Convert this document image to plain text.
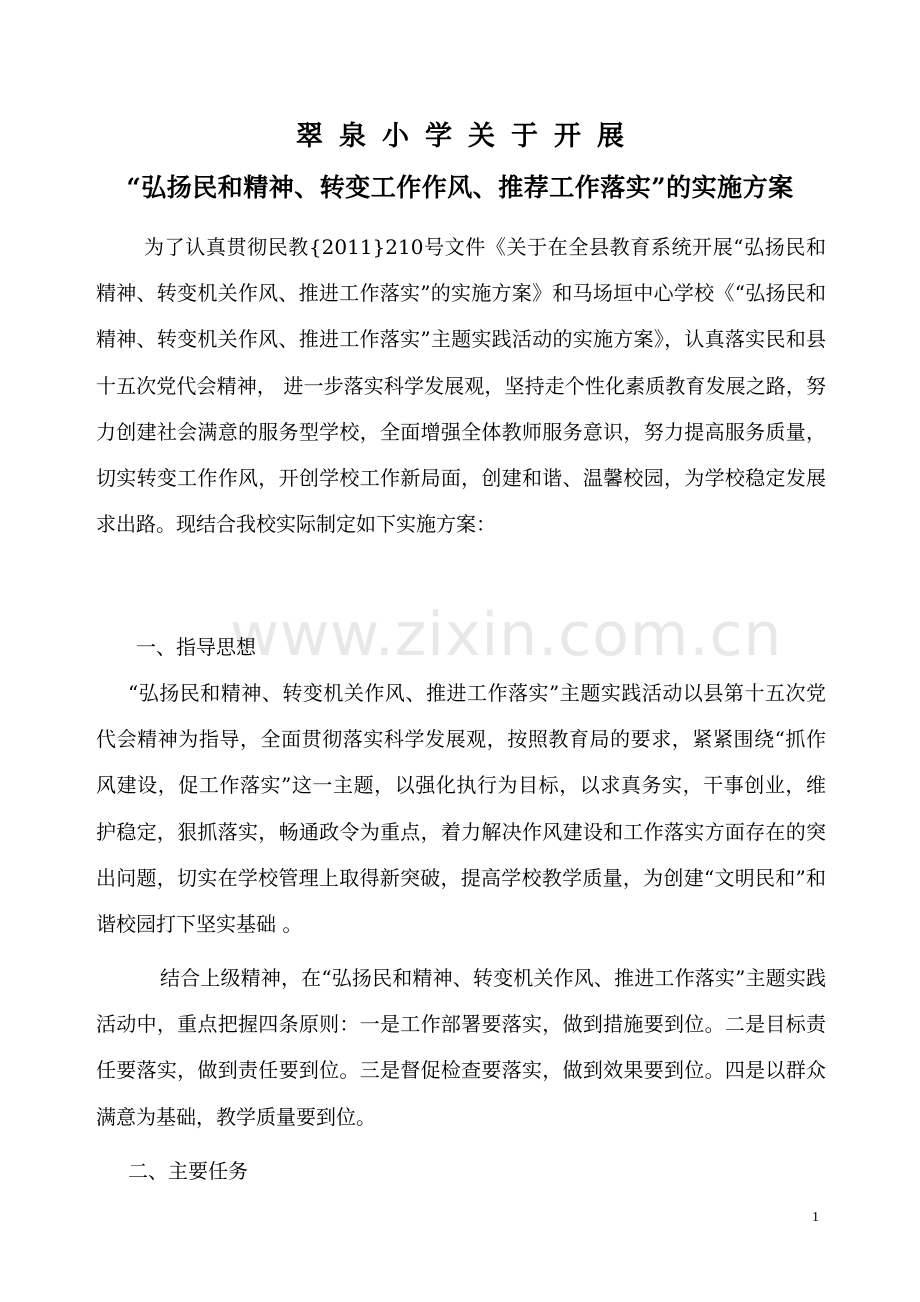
翠泉小学关于开展
“弘扬民和精神、转变工作作风、推荐工作落实”的实施方案

为了认真贯彻民教{2011}210号文件《关于在全县教育系统开展“弘扬民和精神、转变机关作风、推进工作落实”的实施方案》和马场垣中心学校《“弘扬民和精神、转变机关作风、推进工作落实”主题实践活动的实施方案》，认真落实民和县十五次党代会精神， 进一步落实科学发展观，坚持走个性化素质教育发展之路，努力创建社会满意的服务型学校，全面增强全体教师服务意识，努力提高服务质量，切实转变工作作风，开创学校工作新局面，创建和谐、温馨校园，为学校稳定发展求出路。现结合我校实际制定如下实施方案：

www.zixin.com.cn

一、指导思想

“弘扬民和精神、转变机关作风、推进工作落实”主题实践活动以县第十五次党代会精神为指导，全面贯彻落实科学发展观，按照教育局的要求，紧紧围绕“抓作风建设，促工作落实”这一主题，以强化执行为目标，以求真务实，干事创业，维护稳定，狠抓落实，畅通政令为重点，着力解决作风建设和工作落实方面存在的突出问题，切实在学校管理上取得新突破，提高学校教学质量，为创建“文明民和”和谐校园打下坚实基础 。

结合上级精神，在“弘扬民和精神、转变机关作风、推进工作落实”主题实践活动中，重点把握四条原则：一是工作部署要落实，做到措施要到位。二是目标责任要落实，做到责任要到位。三是督促检查要落实，做到效果要到位。四是以群众满意为基础，教学质量要到位。

二、主要任务

1
